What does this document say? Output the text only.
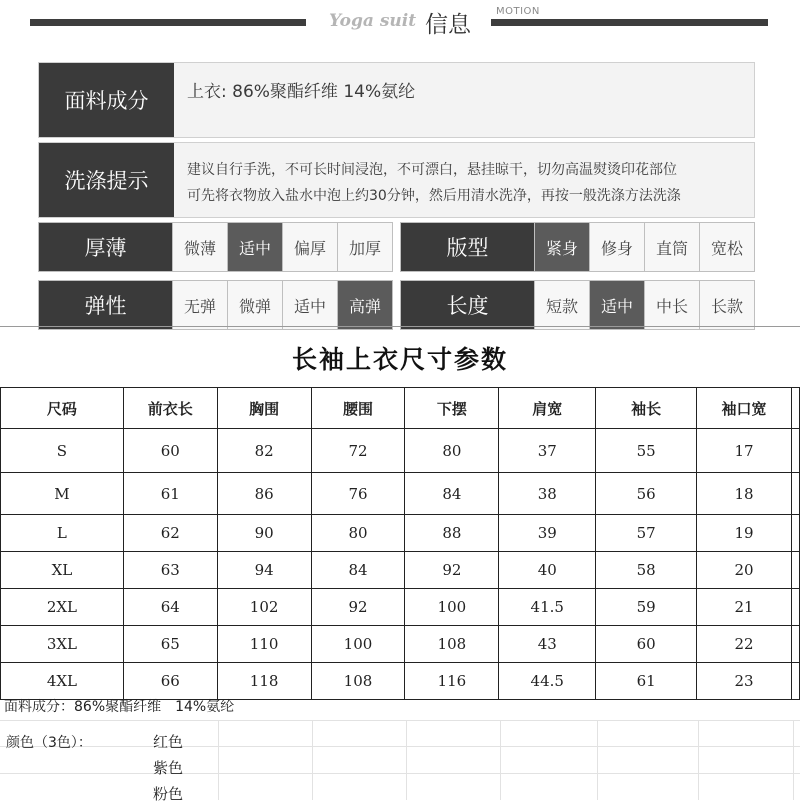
MOTION
Yoga suit 信息
面料成分	上衣: 86%聚酯纤维 14%氨纶
洗涤提示	建议自行手洗，不可长时间浸泡，不可漂白，悬挂晾干，切勿高温熨烫印花部位
可先将衣物放入盐水中泡上约30分钟，然后用清水洗净，再按一般洗涤方法洗涤
厚薄	微薄	适中	偏厚	加厚	版型	紧身	修身	直筒	宽松
弹性	无弹	微弹	适中	高弹	长度	短款	适中	中长	长款
长袖上衣尺寸参数
尺码	前衣长	胸围	腰围	下摆	肩宽	袖长	袖口宽	
S	60	82	72	80	37	55	17	
M	61	86	76	84	38	56	18	
L	62	90	80	88	39	57	19	
XL	63	94	84	92	40	58	20	
2XL	64	102	92	100	41.5	59	21	
3XL	65	110	100	108	43	60	22	
4XL	66	118	108	116	44.5	61	23	
面料成分：86%聚酯纤维　14%氨纶
颜色（3色）：	红色
紫色
粉色
